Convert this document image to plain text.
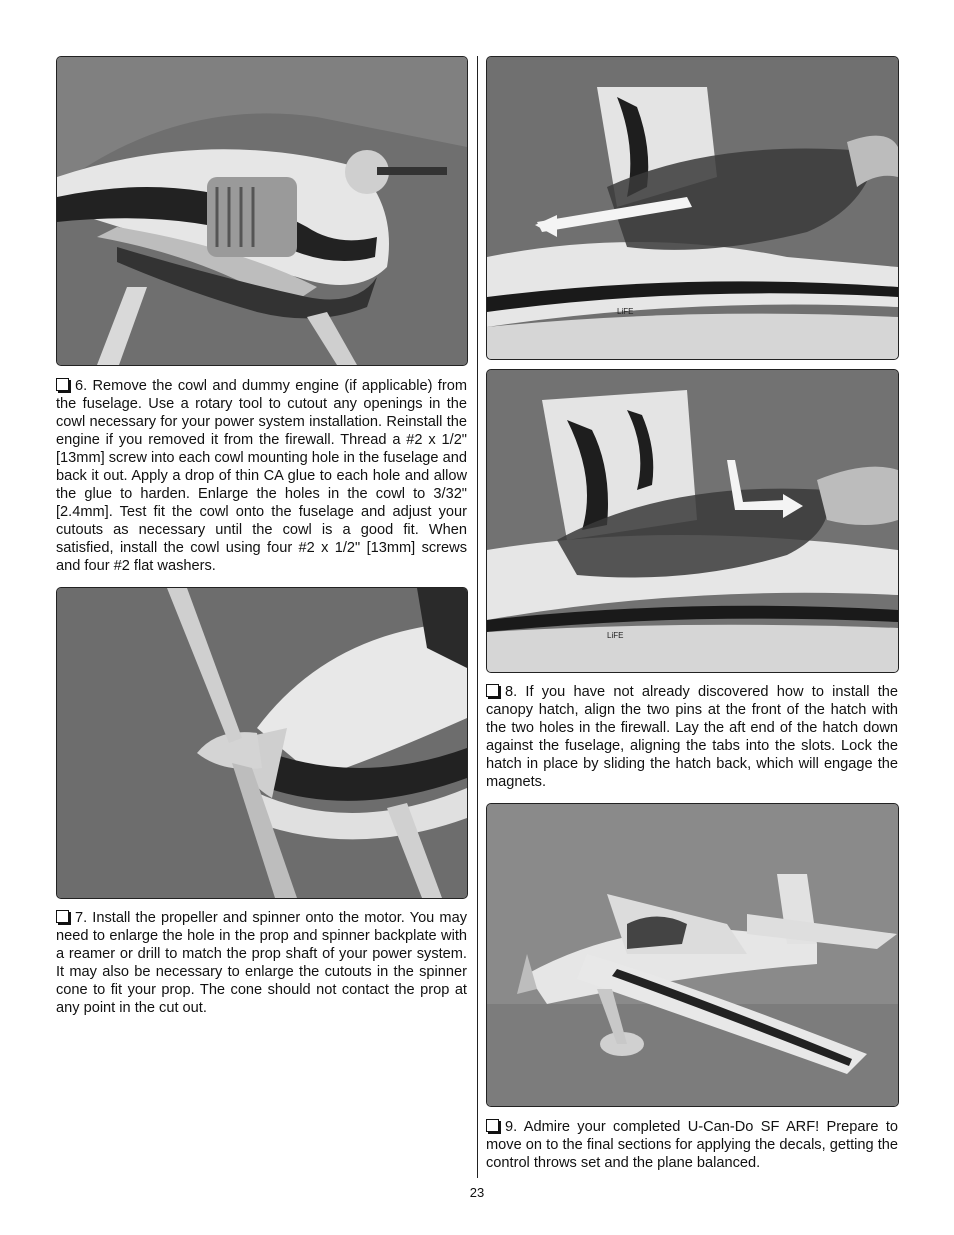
6. Remove the cowl and dummy engine (if applicable) from the fuselage. Use a rotary tool to cutout any openings in the cowl necessary for your power system installation. Reinstall the engine if you removed it from the firewall. Thread a #2 x 1/2" [13mm] screw into each cowl mounting hole in the fuselage and back it out. Apply a drop of thin CA glue to each hole and allow the glue to harden. Enlarge the holes in the cowl to 3/32" [2.4mm]. Test fit the cowl onto the fuselage and adjust your cutouts as necessary until the cowl is a good fit. When satisfied, install the cowl using four #2 x 1/2" [13mm] screws and four #2 flat washers.

7. Install the propeller and spinner onto the motor. You may need to enlarge the hole in the prop and spinner backplate with a reamer or drill to match the prop shaft of your power system. It may also be necessary to enlarge the cutouts in the spinner cone to fit your prop. The cone should not contact the prop at any point in the cut out.

LiFE
LiFE

8. If you have not already discovered how to install the canopy hatch, align the two pins at the front of the hatch with the two holes in the firewall. Lay the aft end of the hatch down against the fuselage, aligning the tabs into the slots. Lock the hatch in place by sliding the hatch back, which will engage the magnets.

9. Admire your completed U-Can-Do SF ARF! Prepare to move on to the final sections for applying the decals, getting the control throws set and the plane balanced.

23
